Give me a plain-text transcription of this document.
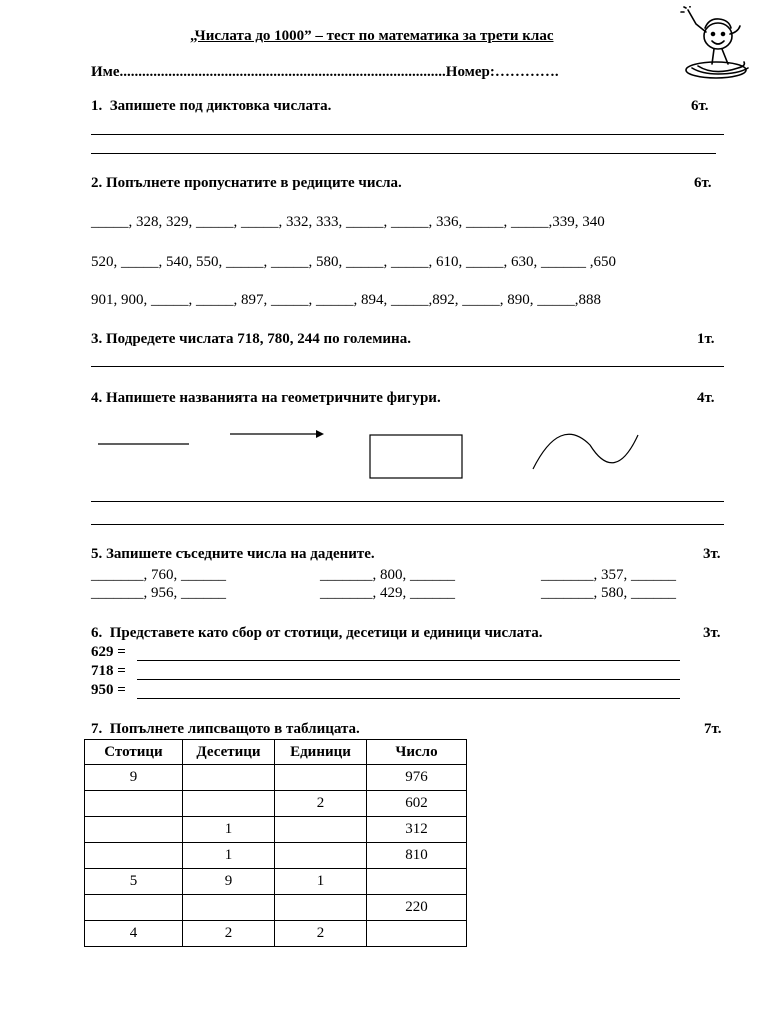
„Числата до 1000” – тест по математика за трети клас
Име.......................................................................................Номер:………….
1.  Запишете под диктовка числата.	6т.
2. Попълнете пропуснатите в редиците числа.	6т.
_____, 328, 329, _____, _____, 332, 333, _____, _____, 336, _____, _____,339, 340
520, _____, 540, 550, _____, _____, 580, _____, _____, 610, _____, 630, ______ ,650
901, 900, _____, _____, 897, _____, _____, 894, _____,892, _____, 890, _____,888
3. Подредете числата 718, 780, 244 по големина.	1т.
4. Напишете названията на геометричните фигури.	4т.
5. Запишете съседните числа на дадените.	3т.
_______, 760, ______	_______, 800, ______	_______, 357, ______
_______, 956, ______	_______, 429, ______	_______, 580, ______
6.  Представете като сбор от стотици, десетици и единици числата.	3т.
629 =
718 =
950 =
7.  Попълнете липсващото в таблицата.	7т.
Стотици	Десетици	Единици	Число
9			976
		2	602
	1		312
	1		810
5	9	1	
			220
4	2	2	
